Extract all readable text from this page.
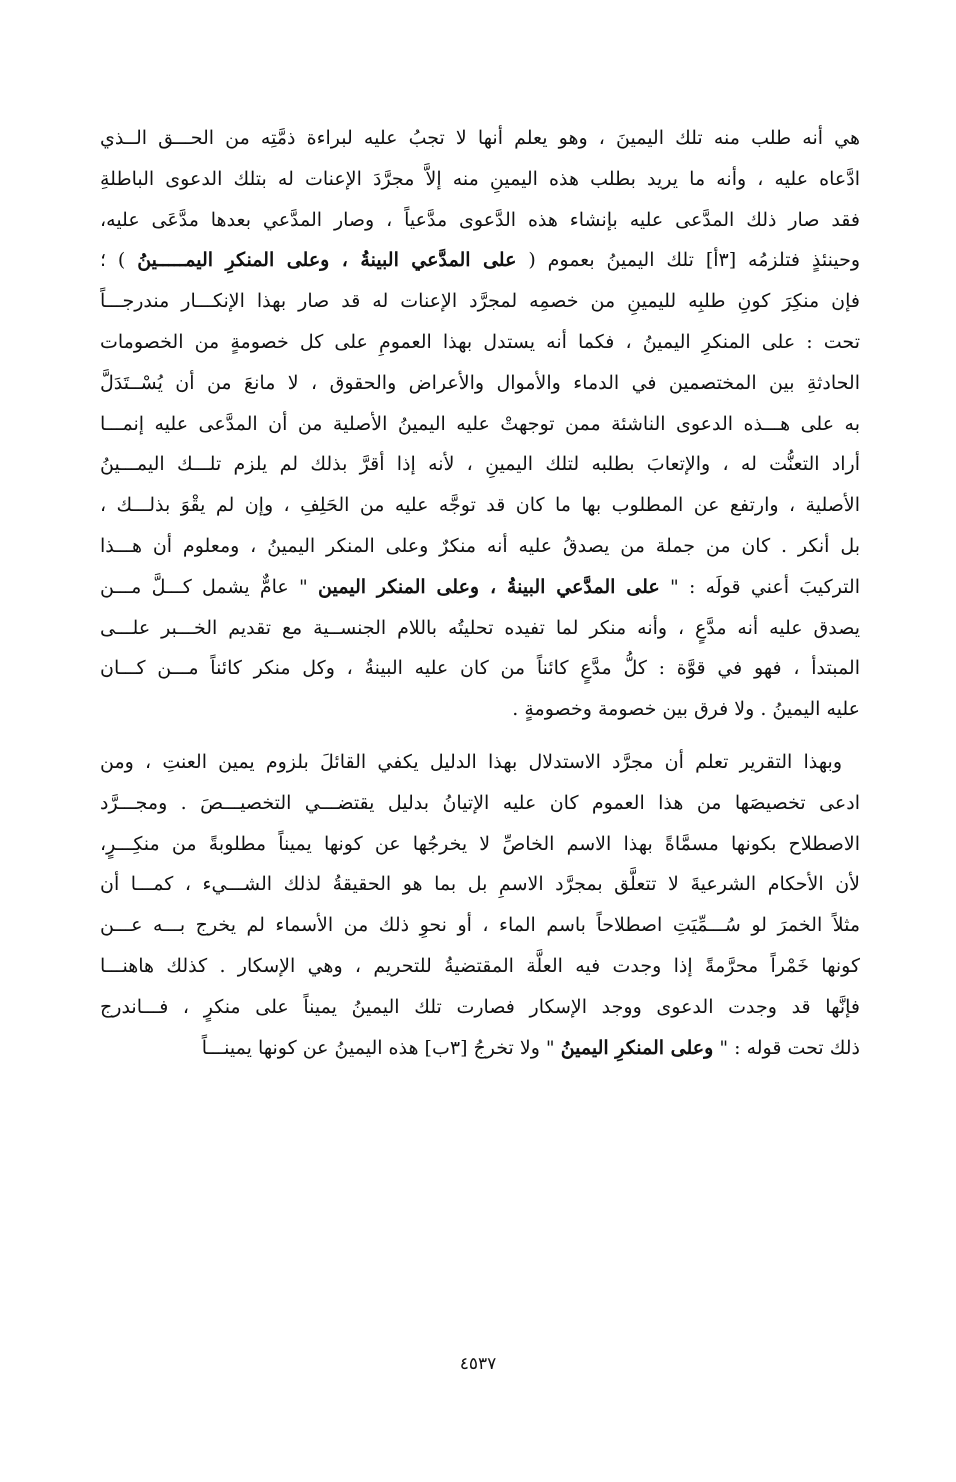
هي أنه طلب منه تلك اليمينَ ، وهو يعلم أنها لا تجبُ عليه لبراءة ذمَّتِه من الحـــق الــذي
ادَّعاه عليه ، وأنه ما يريد بطلب هذه اليمينِ منه إلاَّ مجرَّدَ الإعنات له بتلك الدعوى الباطلةِ
فقد صار ذلك المدَّعى عليه بإنشاء هذه الدَّعوى مدَّعياً ، وصار المدَّعي بعدها مدَّعَى عليه،
وحينئذٍ فتلزمُه [٣أ] تلك اليمينُ بعموم ( على المدَّعي البينةُ ، وعلى المنكرِ اليمـــــينُ ) ؛
فإن منكِرَ كونِ طلبِه لليمينِ من خصمِه لمجرَّد الإعنات له قد صار بهذا الإنكـــار مندرجـــاً
تحت : على المنكرِ اليمينُ ، فكما أنه يستدل بهذا العمومِ على كل خصومةٍ من الخصومات
الحادثةِ بين المختصمين في الدماء والأموال والأعراض والحقوق ، لا مانعَ من أن يُسْــتَدَلَّ
به على هـــذه الدعوى الناشئة ممن توجهتْ عليه اليمينُ الأصلية من أن المدَّعى عليه إنمـــا
أراد التعنُّت له ، والإتعابَ بطلبه لتلك اليمينِ ، لأنه إذا أقرَّ بذلك لم يلزم تلـــك اليمـــينُ
الأصلية ، وارتفع عن المطلوب بها ما كان قد توجَّه عليه من الحَلِفِ ، وإن لم يقْوَ بذلـــك ،
بل أنكر . كان من جملة من يصدقُ عليه أنه منكرٌ وعلى المنكر اليمينُ ، ومعلوم أن هـــذا
التركيبَ أعني قولَه : " على المدَّعي البينةُ ، وعلى المنكر اليمين " عامٌّ يشمل كـــلَّ مـــن
يصدق عليه أنه مدَّعٍ ، وأنه منكر لما تفيده تحليتُه باللام الجنســية مع تقديم الخـــبر علـــى
المبتدأ ، فهو في قوَّة : كلُّ مدَّعٍ كائناً من كان عليه البينةُ ، وكل منكر كائناً مـــن كـــان
عليه اليمينُ . ولا فرق بين خصومة وخصومةٍ .
وبهذا التقرير تعلم أن مجرَّد الاستدلال بهذا الدليل يكفي القائلَ بلزوم يمين العنتِ ، ومن
ادعى تخصيصَها من هذا العموم كان عليه الإتيانُ بدليل يقتضـــي التخصيـــصَ . ومجـــرَّد
الاصطلاح بكونها مسمَّاةً بهذا الاسم الخاصِّ لا يخرجُها عن كونها يميناً مطلوبةً من منكِـــرٍ،
لأن الأحكام الشرعيةَ لا تتعلَّق بمجرَّد الاسمِ بل بما هو الحقيقةُ لذلك الشـــيء ، كمـــا أن
مثلاً الخمرَ لو سُـــمِّيَتِ اصطلاحاً باسم الماء ، أو نحوِ ذلك من الأسماء لم يخرج بـــه عـــن
كونها خَمْراً محرَّمةً إذا وجدت فيه العلَّة المقتضيةُ للتحريم ، وهي الإسكار . كذلك هاهنـــا
فإنَّها قد وجدت الدعوى ووجد الإسكار فصارت تلك اليمينُ يميناً على منكرٍ ، فـــاندرج
ذلك تحت قوله : " وعلى المنكرِ اليمينُ " ولا تخرجُ [٣ب] هذه اليمينُ عن كونها يمينـــاً
٤٥٣٧
